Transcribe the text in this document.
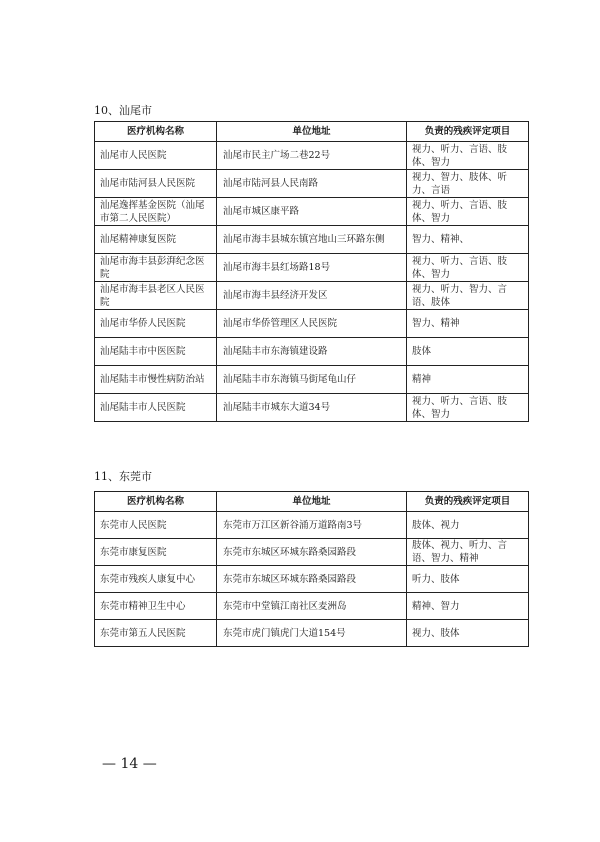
10、汕尾市
医疗机构名称	单位地址	负责的残疾评定项目
汕尾市人民医院	汕尾市民主广场二巷22号	视力、听力、言语、肢体、智力
汕尾市陆河县人民医院	汕尾市陆河县人民南路	视力、智力、肢体、听力、言语
汕尾逸挥基金医院（汕尾市第二人民医院）	汕尾市城区康平路	视力、听力、言语、肢体、智力
汕尾精神康复医院	汕尾市海丰县城东镇宫地山三环路东侧	智力、精神、
汕尾市海丰县彭湃纪念医院	汕尾市海丰县红场路18号	视力、听力、言语、肢体、智力
汕尾市海丰县老区人民医院	汕尾市海丰县经济开发区	视力、听力、智力、言语、肢体
汕尾市华侨人民医院	汕尾市华侨管理区人民医院	智力、精神
汕尾陆丰市中医医院	汕尾陆丰市东海镇建设路	肢体
汕尾陆丰市慢性病防治站	汕尾陆丰市东海镇马街尾龟山仔	精神
汕尾陆丰市人民医院	汕尾陆丰市城东大道34号	视力、听力、言语、肢体、智力
11、东莞市
医疗机构名称	单位地址	负责的残疾评定项目
东莞市人民医院	东莞市万江区新谷涌万道路南3号	肢体、视力
东莞市康复医院	东莞市东城区环城东路桑园路段	肢体、视力、听力、言语、智力、精神
东莞市残疾人康复中心	东莞市东城区环城东路桑园路段	听力、肢体
东莞市精神卫生中心	东莞市中堂镇江南社区麦洲岛	精神、智力
东莞市第五人民医院	东莞市虎门镇虎门大道154号	视力、肢体
— 14 —
